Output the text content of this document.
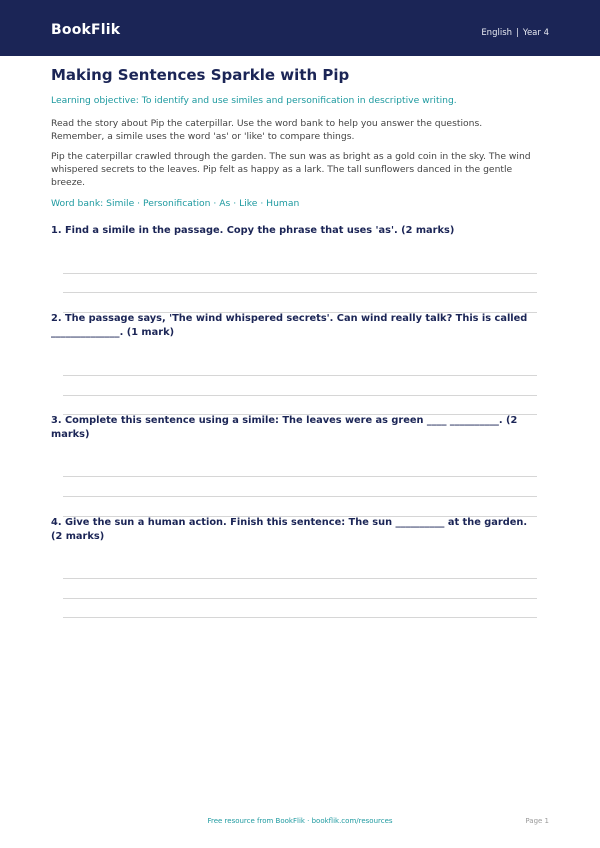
BookFlik	English | Year 4
Making Sentences Sparkle with Pip

Learning objective: To identify and use similes and personification in descriptive writing.

Read the story about Pip the caterpillar. Use the word bank to help you answer the questions. Remember, a simile uses the word 'as' or 'like' to compare things.

Pip the caterpillar crawled through the garden. The sun was as bright as a gold coin in the sky. The wind whispered secrets to the leaves. Pip felt as happy as a lark. The tall sunflowers danced in the gentle breeze.

Word bank: Simile · Personification · As · Like · Human

1. Find a simile in the passage. Copy the phrase that uses 'as'. (2 marks)

2. The passage says, 'The wind whispered secrets'. Can wind really talk? This is called ______________. (1 mark)

3. Complete this sentence using a simile: The leaves were as green ____ __________. (2 marks)

4. Give the sun a human action. Finish this sentence: The sun __________ at the garden. (2 marks)

Free resource from BookFlik · bookflik.com/resources	Page 1
